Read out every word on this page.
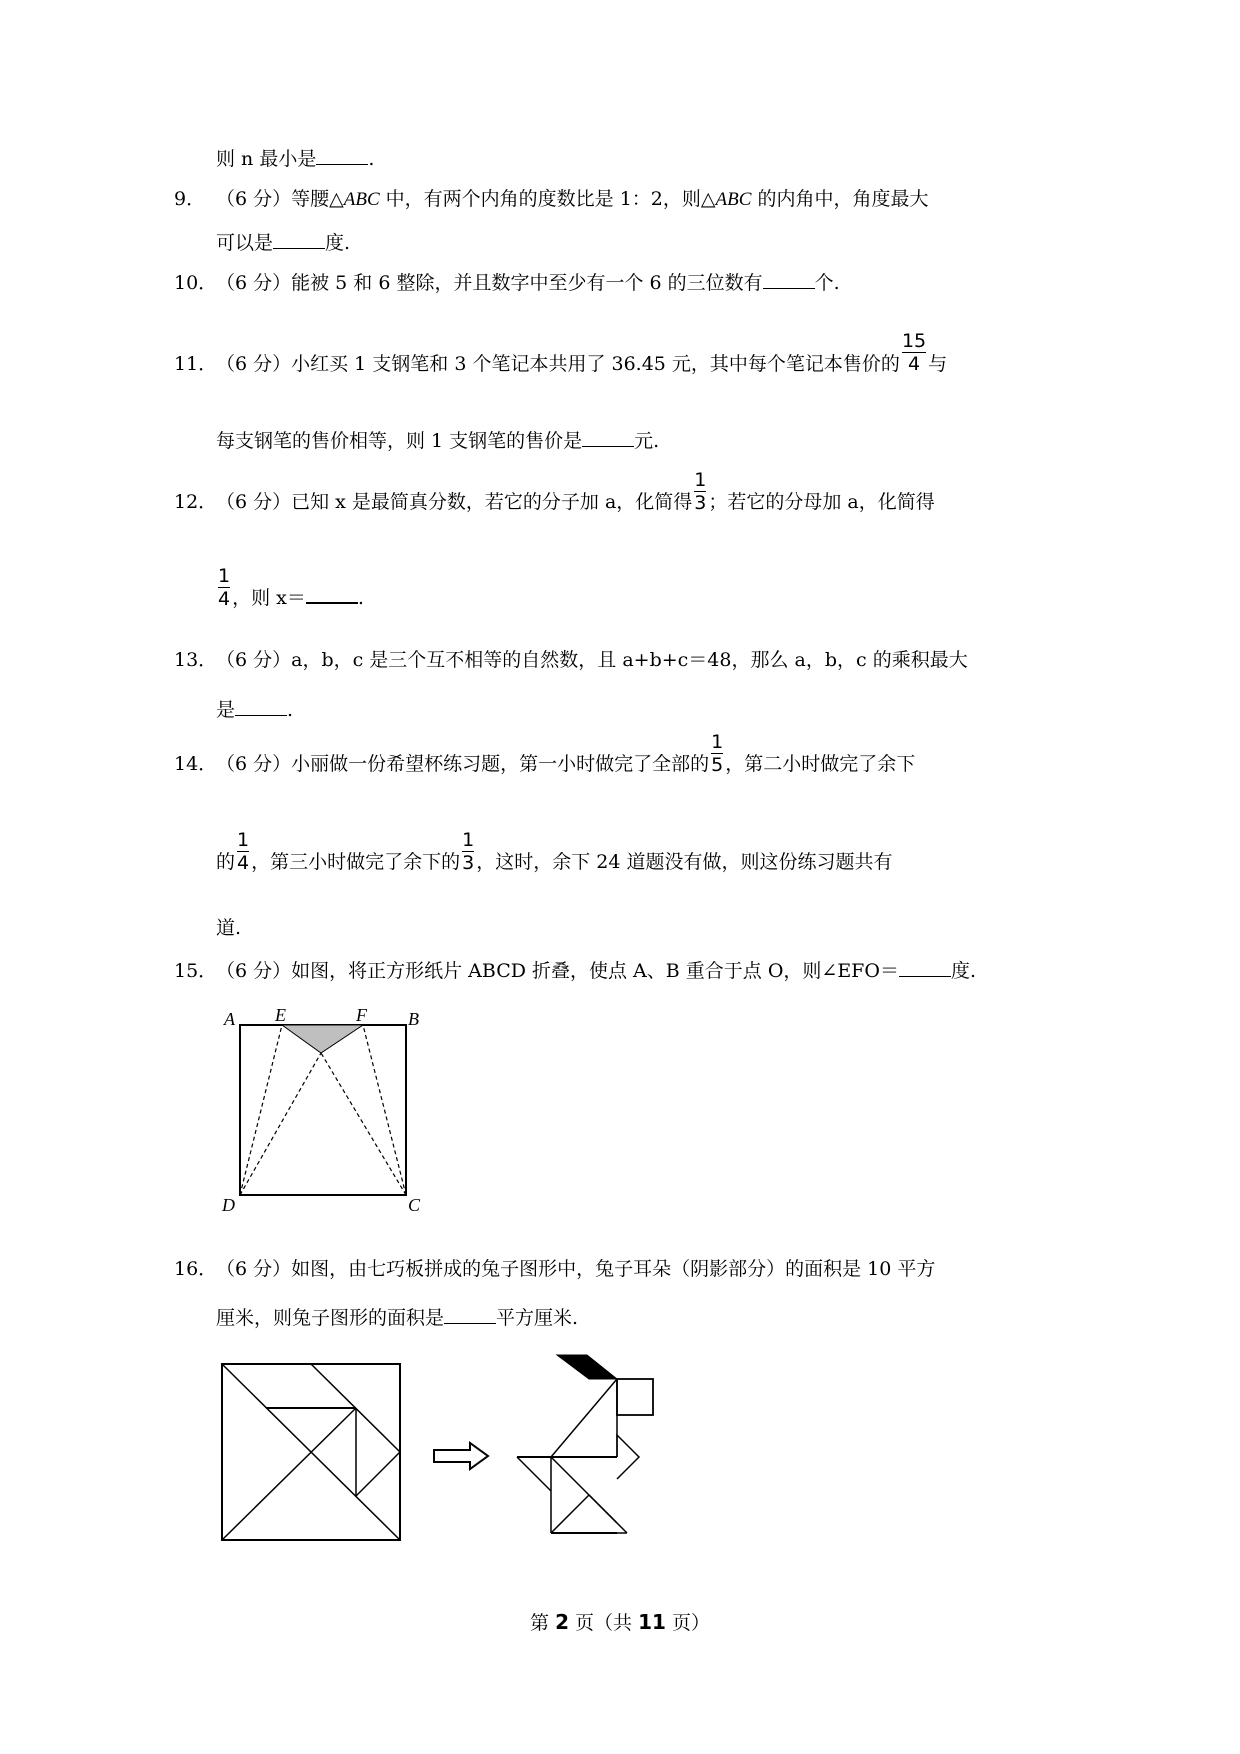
则 n 最小是	.
9． （6 分）等腰△ABC 中，有两个内角的度数比是 1：2，则△ABC 的内角中，角度最大
可以是	度.
10．（6 分）能被 5 和 6 整除，并且数字中至少有一个 6 的三位数有	个.
11．（6 分）小红买 1 支钢笔和 3 个笔记本共用了 36.45 元，其中每个笔记本售价的 $\frac{15}{4}$ 与
每支钢笔的售价相等，则 1 支钢笔的售价是	元.
12．（6 分）已知 x 是最简真分数，若它的分子加 a，化简得 $\frac{1}{3}$ ；若它的分母加 a，化简得
$\frac{1}{4}$ ，则 x＝	.
13．（6 分）a，b，c 是三个互不相等的自然数，且 a+b+c＝48，那么 a，b，c 的乘积最大
是	.
14．（6 分）小丽做一份希望杯练习题，第一小时做完了全部的 $\frac{1}{5}$ ，第二小时做完了余下
的 $\frac{1}{4}$ ，第三小时做完了余下的 $\frac{1}{3}$ ，这时，余下 24 道题没有做，则这份练习题共有
道.
15．（6 分）如图，将正方形纸片 ABCD 折叠，使点 A、B 重合于点 O，则∠EFO＝	度.
A E	F B
D	C
16．（6 分）如图，由七巧板拼成的兔子图形中，兔子耳朵（阴影部分）的面积是 10 平方
厘米，则兔子图形的面积是	平方厘米.
第 2 页（共 11 页）
